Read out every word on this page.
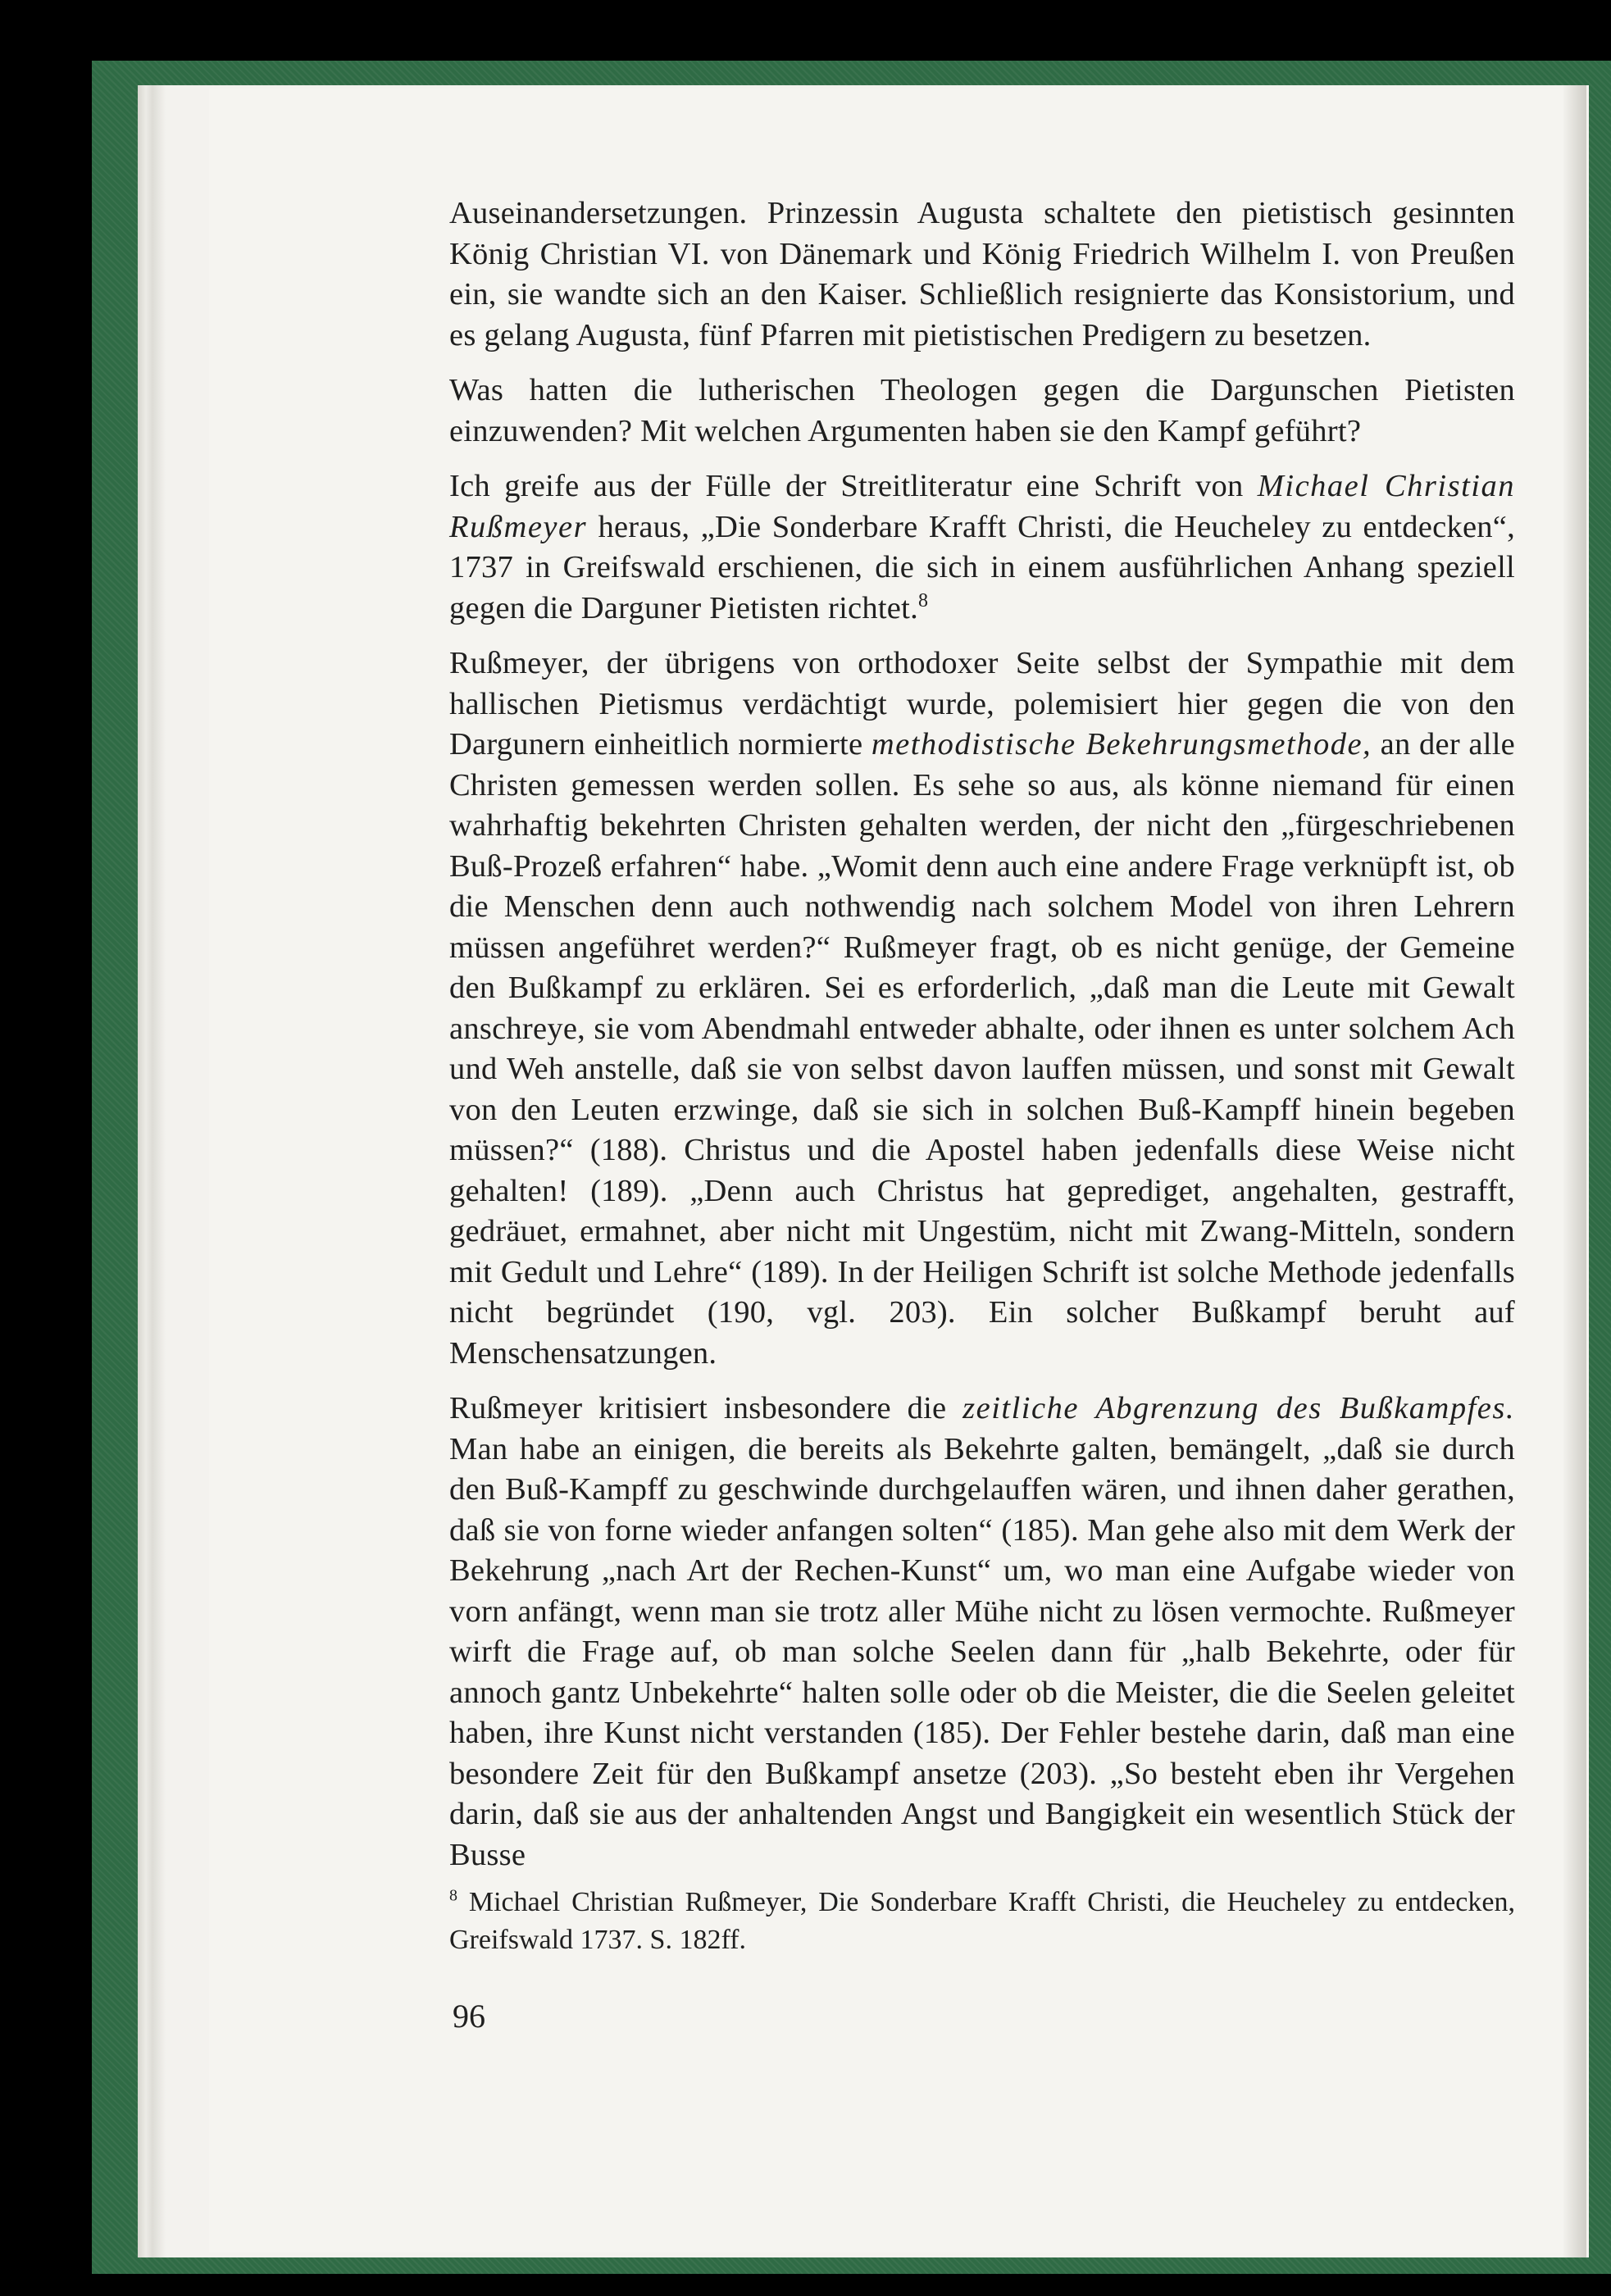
Auseinandersetzungen. Prinzessin Augusta schaltete den pietistisch gesinnten König Christian VI. von Dänemark und König Friedrich Wilhelm I. von Preußen ein, sie wandte sich an den Kaiser. Schließlich resignierte das Konsistorium, und es gelang Augusta, fünf Pfarren mit pietistischen Predigern zu besetzen.

Was hatten die lutherischen Theologen gegen die Dargunschen Pietisten einzuwenden? Mit welchen Argumenten haben sie den Kampf geführt?

Ich greife aus der Fülle der Streitliteratur eine Schrift von Michael Christian Rußmeyer heraus, „Die Sonderbare Krafft Christi, die Heucheley zu entdecken“, 1737 in Greifswald erschienen, die sich in einem ausführlichen Anhang speziell gegen die Darguner Pietisten richtet.$^8$

Rußmeyer, der übrigens von orthodoxer Seite selbst der Sympathie mit dem hallischen Pietismus verdächtigt wurde, polemisiert hier gegen die von den Dargunern einheitlich normierte methodistische Bekehrungsmethode, an der alle Christen gemessen werden sollen. Es sehe so aus, als könne niemand für einen wahrhaftig bekehrten Christen gehalten werden, der nicht den „fürgeschriebenen Buß-Prozeß erfahren“ habe. „Womit denn auch eine andere Frage verknüpft ist, ob die Menschen denn auch nothwendig nach solchem Model von ihren Lehrern müssen angeführet werden?“ Rußmeyer fragt, ob es nicht genüge, der Gemeine den Bußkampf zu erklären. Sei es erforderlich, „daß man die Leute mit Gewalt anschreye, sie vom Abendmahl entweder abhalte, oder ihnen es unter solchem Ach und Weh anstelle, daß sie von selbst davon lauffen müssen, und sonst mit Gewalt von den Leuten erzwinge, daß sie sich in solchen Buß-Kampff hinein begeben müssen?“ (188). Christus und die Apostel haben jedenfalls diese Weise nicht gehalten! (189). „Denn auch Christus hat geprediget, angehalten, gestrafft, gedräuet, ermahnet, aber nicht mit Ungestüm, nicht mit Zwang-Mitteln, sondern mit Gedult und Lehre“ (189). In der Heiligen Schrift ist solche Methode jedenfalls nicht begründet (190, vgl. 203). Ein solcher Bußkampf beruht auf Menschensatzungen.

Rußmeyer kritisiert insbesondere die zeitliche Abgrenzung des Bußkampfes. Man habe an einigen, die bereits als Bekehrte galten, bemängelt, „daß sie durch den Buß-Kampff zu geschwinde durchgelauffen wären, und ihnen daher gerathen, daß sie von forne wieder anfangen solten“ (185). Man gehe also mit dem Werk der Bekehrung „nach Art der Rechen-Kunst“ um, wo man eine Aufgabe wieder von vorn anfängt, wenn man sie trotz aller Mühe nicht zu lösen vermochte. Rußmeyer wirft die Frage auf, ob man solche Seelen dann für „halb Bekehrte, oder für annoch gantz Unbekehrte“ halten solle oder ob die Meister, die die Seelen geleitet haben, ihre Kunst nicht verstanden (185). Der Fehler bestehe darin, daß man eine besondere Zeit für den Bußkampf ansetze (203). „So besteht eben ihr Vergehen darin, daß sie aus der anhaltenden Angst und Bangigkeit ein wesentlich Stück der Busse

$^8$ Michael Christian Rußmeyer, Die Sonderbare Krafft Christi, die Heucheley zu entdecken, Greifswald 1737. S. 182ff.
96
